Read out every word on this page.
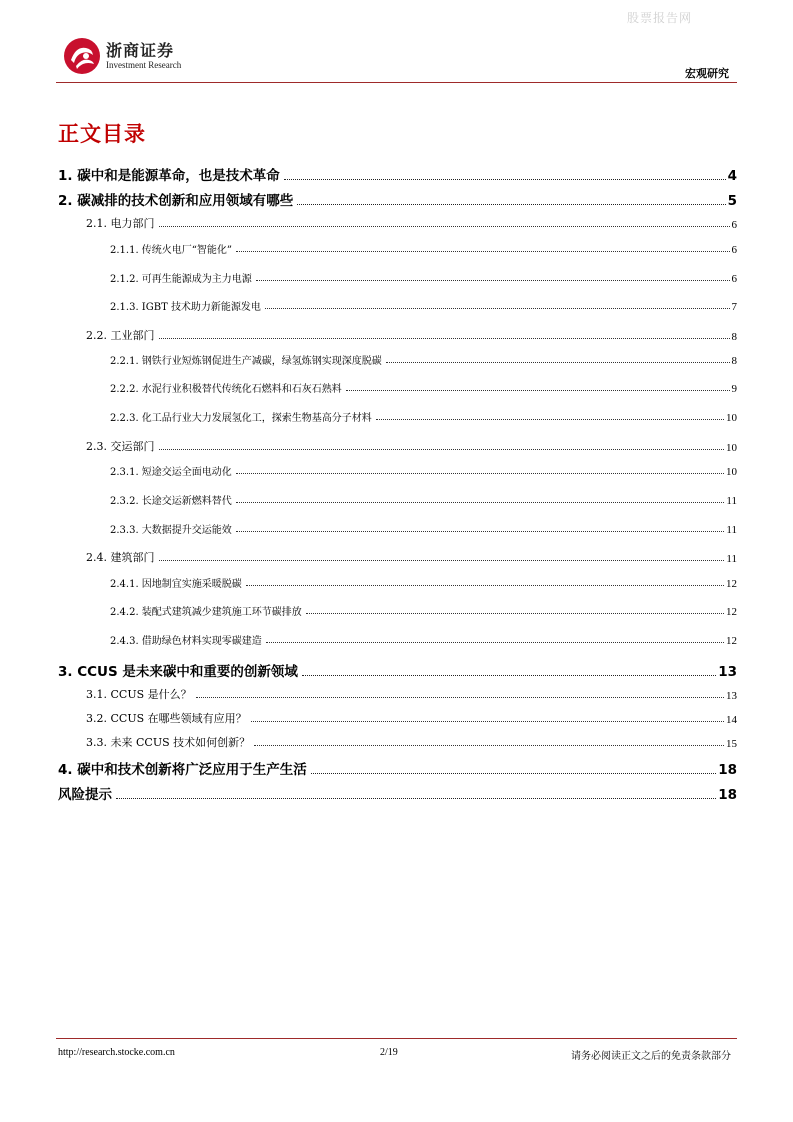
股票报告网
浙商证券
Investment Research
宏观研究
正文目录
1. 碳中和是能源革命，也是技术革命	4
2. 碳减排的技术创新和应用领域有哪些	5
2.1. 电力部门	6
2.1.1. 传统火电厂“智能化”	6
2.1.2. 可再生能源成为主力电源	6
2.1.3. IGBT 技术助力新能源发电	7
2.2. 工业部门	8
2.2.1. 钢铁行业短炼钢促进生产减碳，绿氢炼钢实现深度脱碳	8
2.2.2. 水泥行业积极替代传统化石燃料和石灰石熟料	9
2.2.3. 化工品行业大力发展氢化工，探索生物基高分子材料	10
2.3. 交运部门	10
2.3.1. 短途交运全面电动化	10
2.3.2. 长途交运新燃料替代	11
2.3.3. 大数据提升交运能效	11
2.4. 建筑部门	11
2.4.1. 因地制宜实施采暖脱碳	12
2.4.2. 装配式建筑减少建筑施工环节碳排放	12
2.4.3. 借助绿色材料实现零碳建造	12
3. CCUS 是未来碳中和重要的创新领域	13
3.1. CCUS 是什么？	13
3.2. CCUS 在哪些领域有应用？	14
3.3. 未来 CCUS 技术如何创新？	15
4. 碳中和技术创新将广泛应用于生产生活	18
风险提示	18
http://research.stocke.com.cn	2/19	请务必阅读正文之后的免责条款部分
